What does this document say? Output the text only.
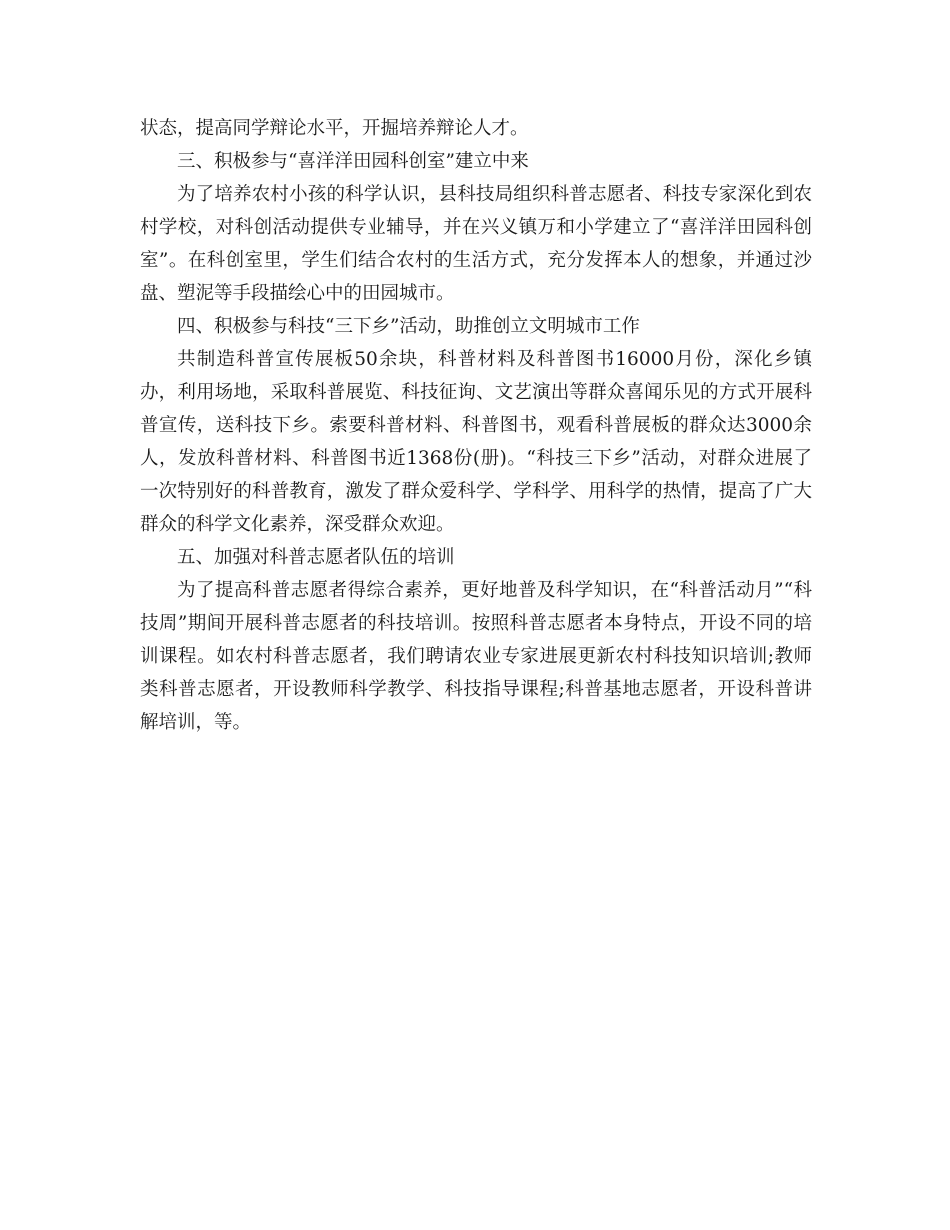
状态，提高同学辩论水平，开掘培养辩论人才。

三、积极参与“喜洋洋田园科创室”建立中来

为了培养农村小孩的科学认识，县科技局组织科普志愿者、科技专家深化到农村学校，对科创活动提供专业辅导，并在兴义镇万和小学建立了“喜洋洋田园科创室”。在科创室里，学生们结合农村的生活方式，充分发挥本人的想象，并通过沙盘、塑泥等手段描绘心中的田园城市。

四、积极参与科技“三下乡”活动，助推创立文明城市工作

共制造科普宣传展板50余块，科普材料及科普图书16000月份，深化乡镇办，利用场地，采取科普展览、科技征询、文艺演出等群众喜闻乐见的方式开展科普宣传，送科技下乡。索要科普材料、科普图书，观看科普展板的群众达3000余人，发放科普材料、科普图书近1368份(册)。“科技三下乡”活动，对群众进展了一次特别好的科普教育，激发了群众爱科学、学科学、用科学的热情，提高了广大群众的科学文化素养，深受群众欢迎。

五、加强对科普志愿者队伍的培训

为了提高科普志愿者得综合素养，更好地普及科学知识，在“科普活动月”“科技周”期间开展科普志愿者的科技培训。按照科普志愿者本身特点，开设不同的培训课程。如农村科普志愿者，我们聘请农业专家进展更新农村科技知识培训;教师类科普志愿者，开设教师科学教学、科技指导课程;科普基地志愿者，开设科普讲解培训，等。
